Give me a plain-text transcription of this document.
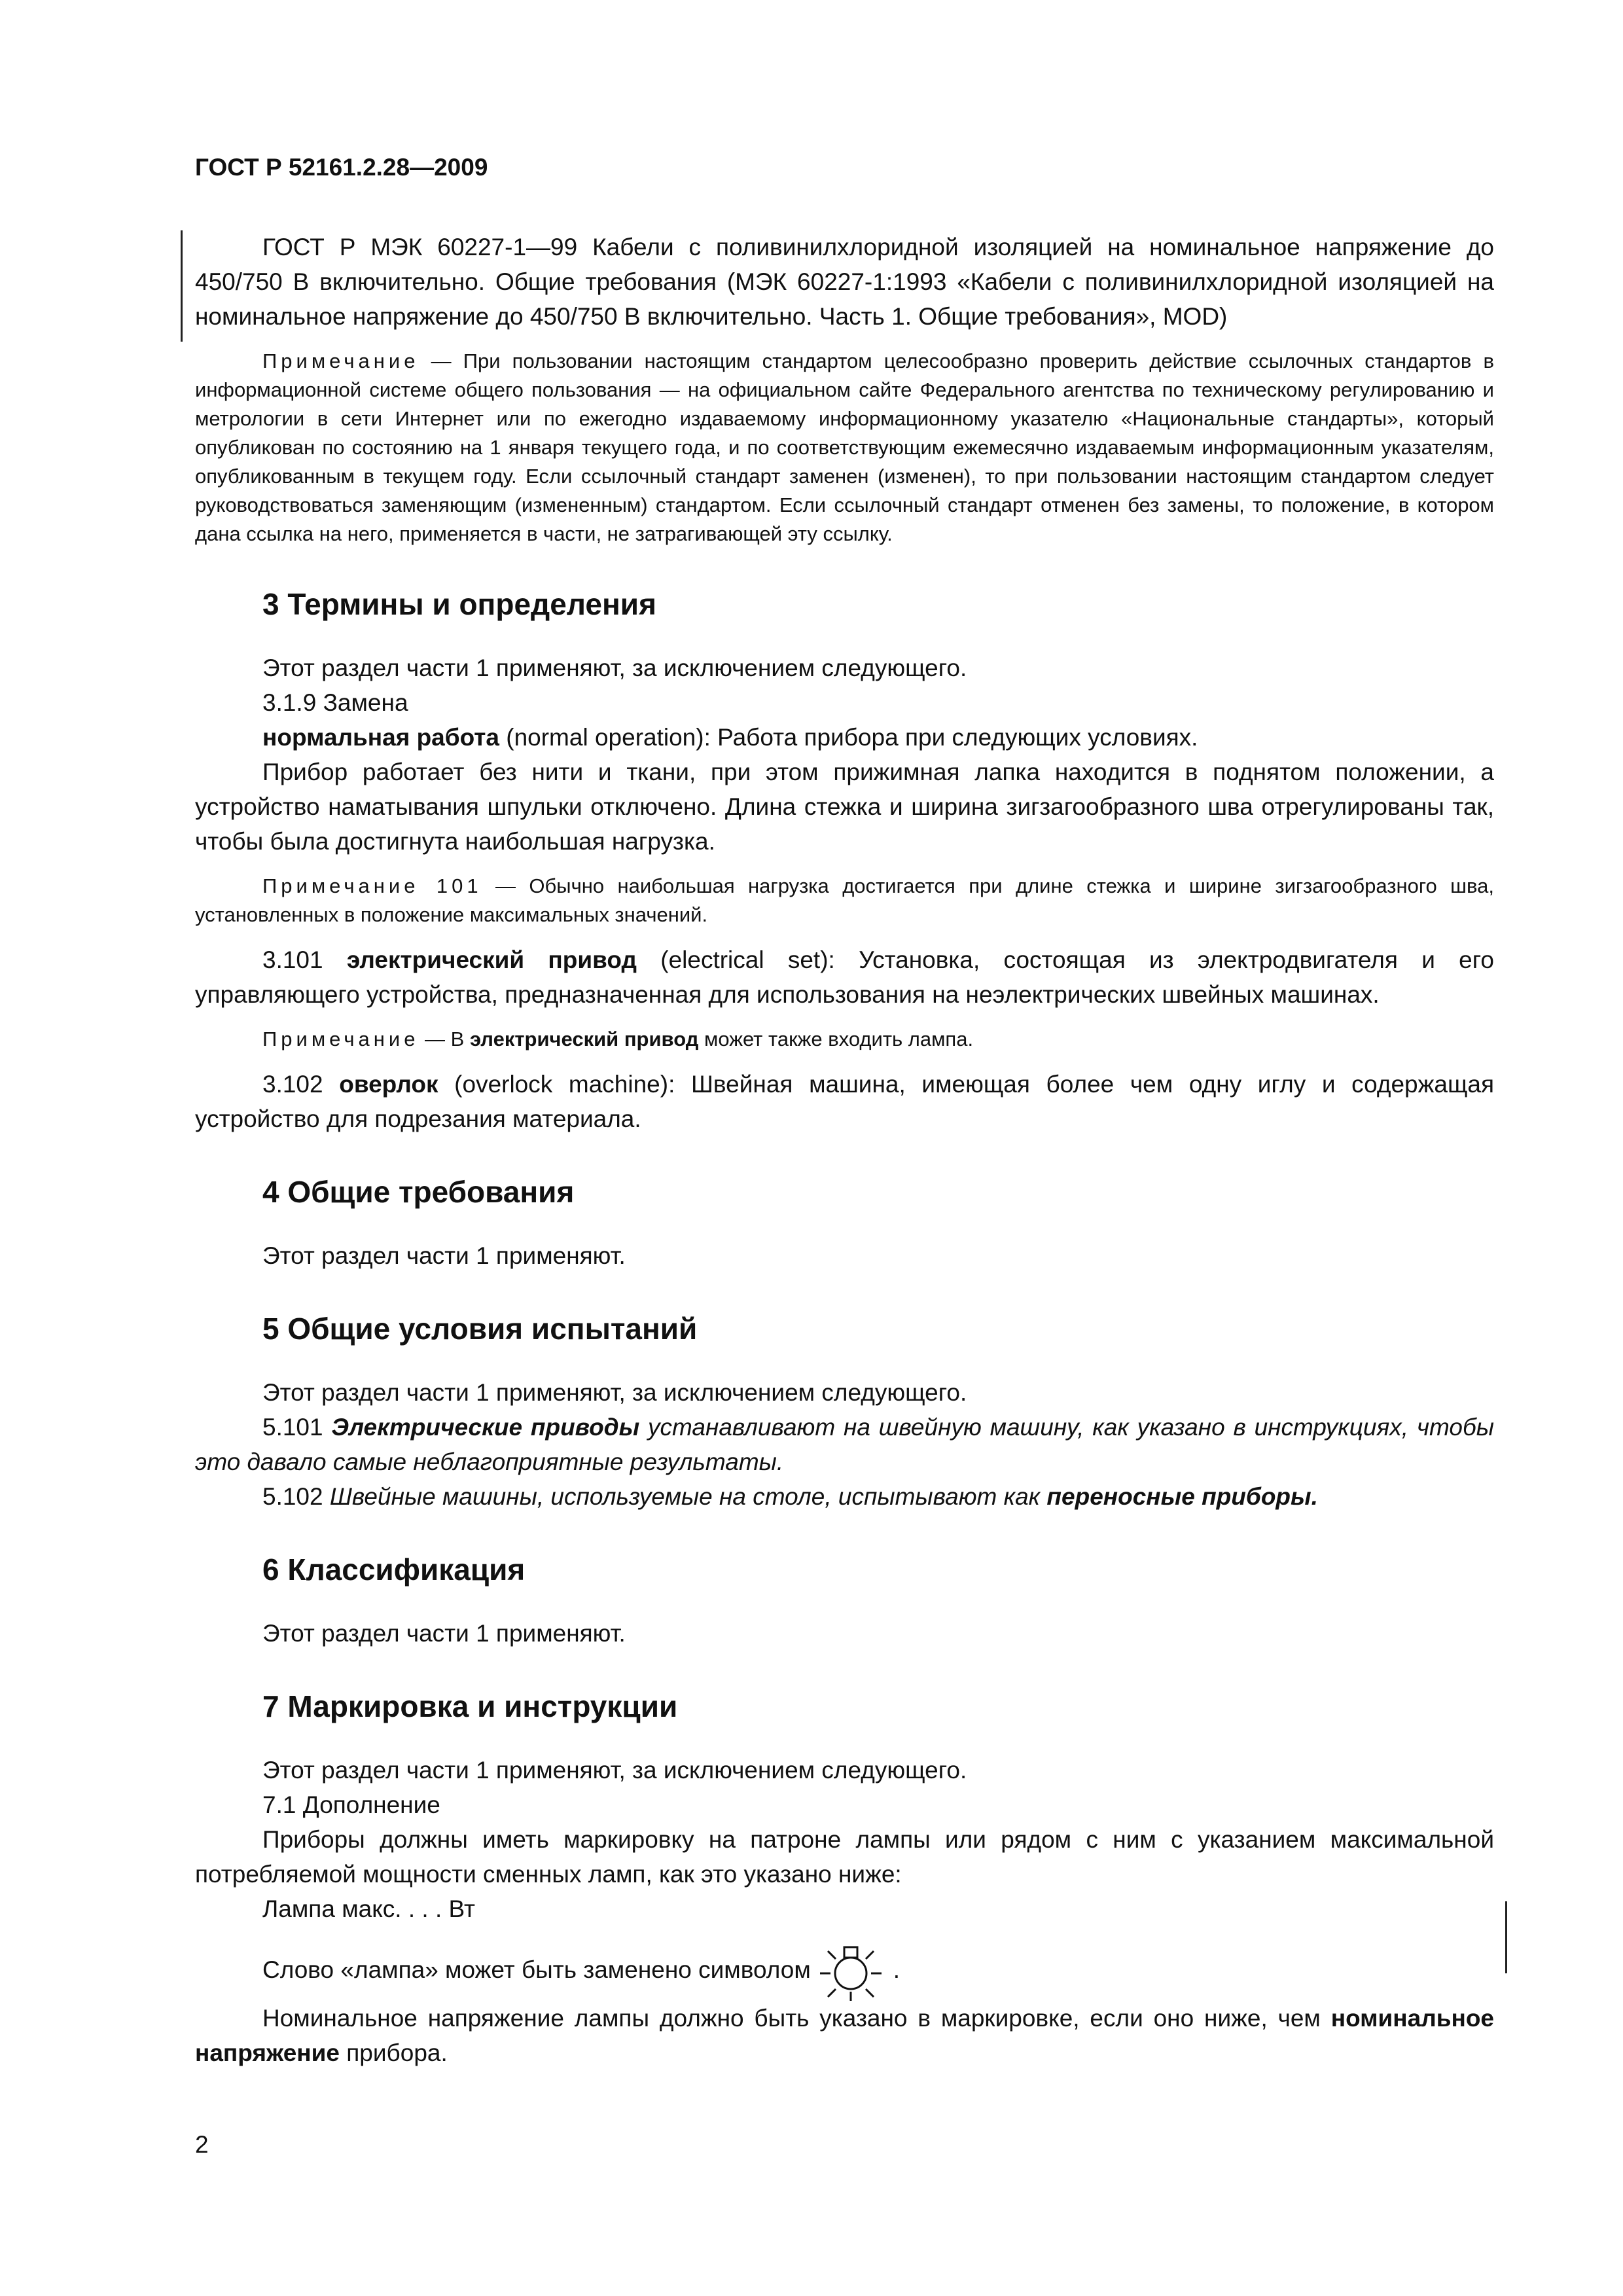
ГОСТ Р 52161.2.28—2009

ГОСТ Р МЭК 60227-1—99 Кабели с поливинилхлоридной изоляцией на номинальное напряжение до 450/750 В включительно. Общие требования (МЭК 60227-1:1993 «Кабели с поливинилхлоридной изоляцией на номинальное напряжение до 450/750 В включительно. Часть 1. Общие требования», MOD)

Примечание — При пользовании настоящим стандартом целесообразно проверить действие ссылочных стандартов в информационной системе общего пользования — на официальном сайте Федерального агентства по техническому регулированию и метрологии в сети Интернет или по ежегодно издаваемому информационному указателю «Национальные стандарты», который опубликован по состоянию на 1 января текущего года, и по соответствующим ежемесячно издаваемым информационным указателям, опубликованным в текущем году. Если ссылочный стандарт заменен (изменен), то при пользовании настоящим стандартом следует руководствоваться заменяющим (измененным) стандартом. Если ссылочный стандарт отменен без замены, то положение, в котором дана ссылка на него, применяется в части, не затрагивающей эту ссылку.

3 Термины и определения

Этот раздел части 1 применяют, за исключением следующего.

3.1.9 Замена

нормальная работа (normal operation): Работа прибора при следующих условиях.

Прибор работает без нити и ткани, при этом прижимная лапка находится в поднятом положении, а устройство наматывания шпульки отключено. Длина стежка и ширина зигзагообразного шва отрегулированы так, чтобы была достигнута наибольшая нагрузка.

Примечание 101 — Обычно наибольшая нагрузка достигается при длине стежка и ширине зигзагообразного шва, установленных в положение максимальных значений.

3.101 электрический привод (electrical set): Установка, состоящая из электродвигателя и его управляющего устройства, предназначенная для использования на неэлектрических швейных машинах.

Примечание — В электрический привод может также входить лампа.

3.102 оверлок (overlock machine): Швейная машина, имеющая более чем одну иглу и содержащая устройство для подрезания материала.

4 Общие требования

Этот раздел части 1 применяют.

5 Общие условия испытаний

Этот раздел части 1 применяют, за исключением следующего.

5.101 Электрические приводы устанавливают на швейную машину, как указано в инструкциях, чтобы это давало самые неблагоприятные результаты.

5.102 Швейные машины, используемые на столе, испытывают как переносные приборы.

6 Классификация

Этот раздел части 1 применяют.

7 Маркировка и инструкции

Этот раздел части 1 применяют, за исключением следующего.

7.1 Дополнение

Приборы должны иметь маркировку на патроне лампы или рядом с ним с указанием максимальной потребляемой мощности сменных ламп, как это указано ниже:

Лампа макс. . . . Вт

Слово «лампа» может быть заменено символом	.

Номинальное напряжение лампы должно быть указано в маркировке, если оно ниже, чем номинальное напряжение прибора.

2
